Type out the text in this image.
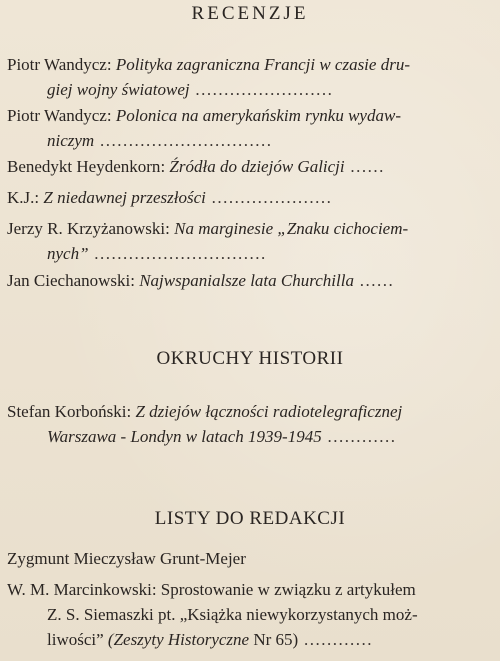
RECENZJE
Piotr Wandycz: Polityka zagraniczna Francji w czasie dru-
giej wojny światowej ........................
Piotr Wandycz: Polonica na amerykańskim rynku wydaw-
niczym ..............................
Benedykt Heydenkorn: Źródła do dziejów Galicji ......
K.J.: Z niedawnej przeszłości .....................
Jerzy R. Krzyżanowski: Na marginesie „Znaku cichociem-
nych” ..............................
Jan Ciechanowski: Najwspanialsze lata Churchilla ......
OKRUCHY HISTORII
Stefan Korboński: Z dziejów łączności radiotelegraficznej
Warszawa - Londyn w latach 1939-1945 ............
LISTY DO REDAKCJI
Zygmunt Mieczysław Grunt-Mejer
W. M. Marcinkowski: Sprostowanie w związku z artykułem
Z. S. Siemaszki pt. „Książka niewykorzystanych moż-
liwości” (Zeszyty Historyczne Nr 65) ............
